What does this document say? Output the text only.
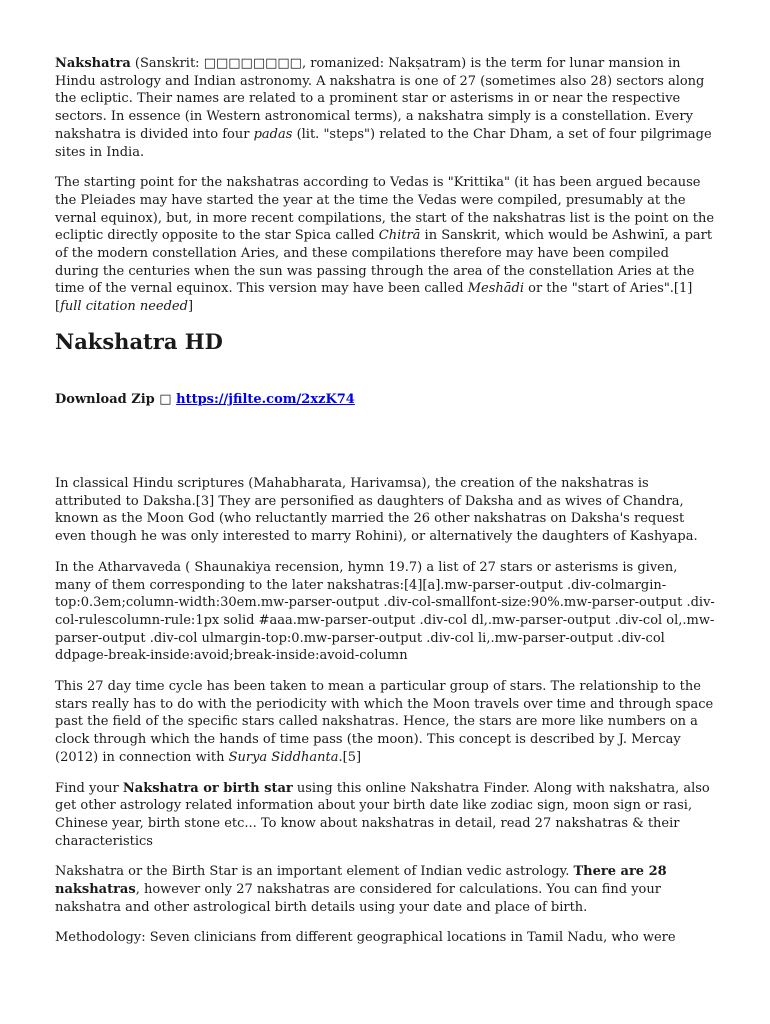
Nakshatra (Sanskrit: □□□□□□□□, romanized: Nakṣatram) is the term for lunar mansion in Hindu astrology and Indian astronomy. A nakshatra is one of 27 (sometimes also 28) sectors along the ecliptic. Their names are related to a prominent star or asterisms in or near the respective sectors. In essence (in Western astronomical terms), a nakshatra simply is a constellation. Every nakshatra is divided into four padas (lit. "steps") related to the Char Dham, a set of four pilgrimage sites in India.

The starting point for the nakshatras according to Vedas is "Krittika" (it has been argued because the Pleiades may have started the year at the time the Vedas were compiled, presumably at the vernal equinox), but, in more recent compilations, the start of the nakshatras list is the point on the ecliptic directly opposite to the star Spica called Chitrā in Sanskrit, which would be Ashwinī, a part of the modern constellation Aries, and these compilations therefore may have been compiled during the centuries when the sun was passing through the area of the constellation Aries at the time of the vernal equinox. This version may have been called Meshādi or the "start of Aries".[1][full citation needed]

Nakshatra HD
Download Zip □ https://jfilte.com/2xzK74

In classical Hindu scriptures (Mahabharata, Harivamsa), the creation of the nakshatras is attributed to Daksha.[3] They are personified as daughters of Daksha and as wives of Chandra, known as the Moon God (who reluctantly married the 26 other nakshatras on Daksha's request even though he was only interested to marry Rohini), or alternatively the daughters of Kashyapa.

In the Atharvaveda ( Shaunakiya recension, hymn 19.7) a list of 27 stars or asterisms is given, many of them corresponding to the later nakshatras:[4][a].mw-parser-output .div-colmargin-top:0.3em;column-width:30em.mw-parser-output .div-col-smallfont-size:90%.mw-parser-output .div-col-rulescolumn-rule:1px solid #aaa.mw-parser-output .div-col dl,.mw-parser-output .div-col ol,.mw-parser-output .div-col ulmargin-top:0.mw-parser-output .div-col li,.mw-parser-output .div-col ddpage-break-inside:avoid;break-inside:avoid-column

This 27 day time cycle has been taken to mean a particular group of stars. The relationship to the stars really has to do with the periodicity with which the Moon travels over time and through space past the field of the specific stars called nakshatras. Hence, the stars are more like numbers on a clock through which the hands of time pass (the moon). This concept is described by J. Mercay (2012) in connection with Surya Siddhanta.[5]

Find your Nakshatra or birth star using this online Nakshatra Finder. Along with nakshatra, also get other astrology related information about your birth date like zodiac sign, moon sign or rasi, Chinese year, birth stone etc... To know about nakshatras in detail, read 27 nakshatras & their characteristics

Nakshatra or the Birth Star is an important element of Indian vedic astrology. There are 28 nakshatras, however only 27 nakshatras are considered for calculations. You can find your nakshatra and other astrological birth details using your date and place of birth.

Methodology: Seven clinicians from different geographical locations in Tamil Nadu, who were
